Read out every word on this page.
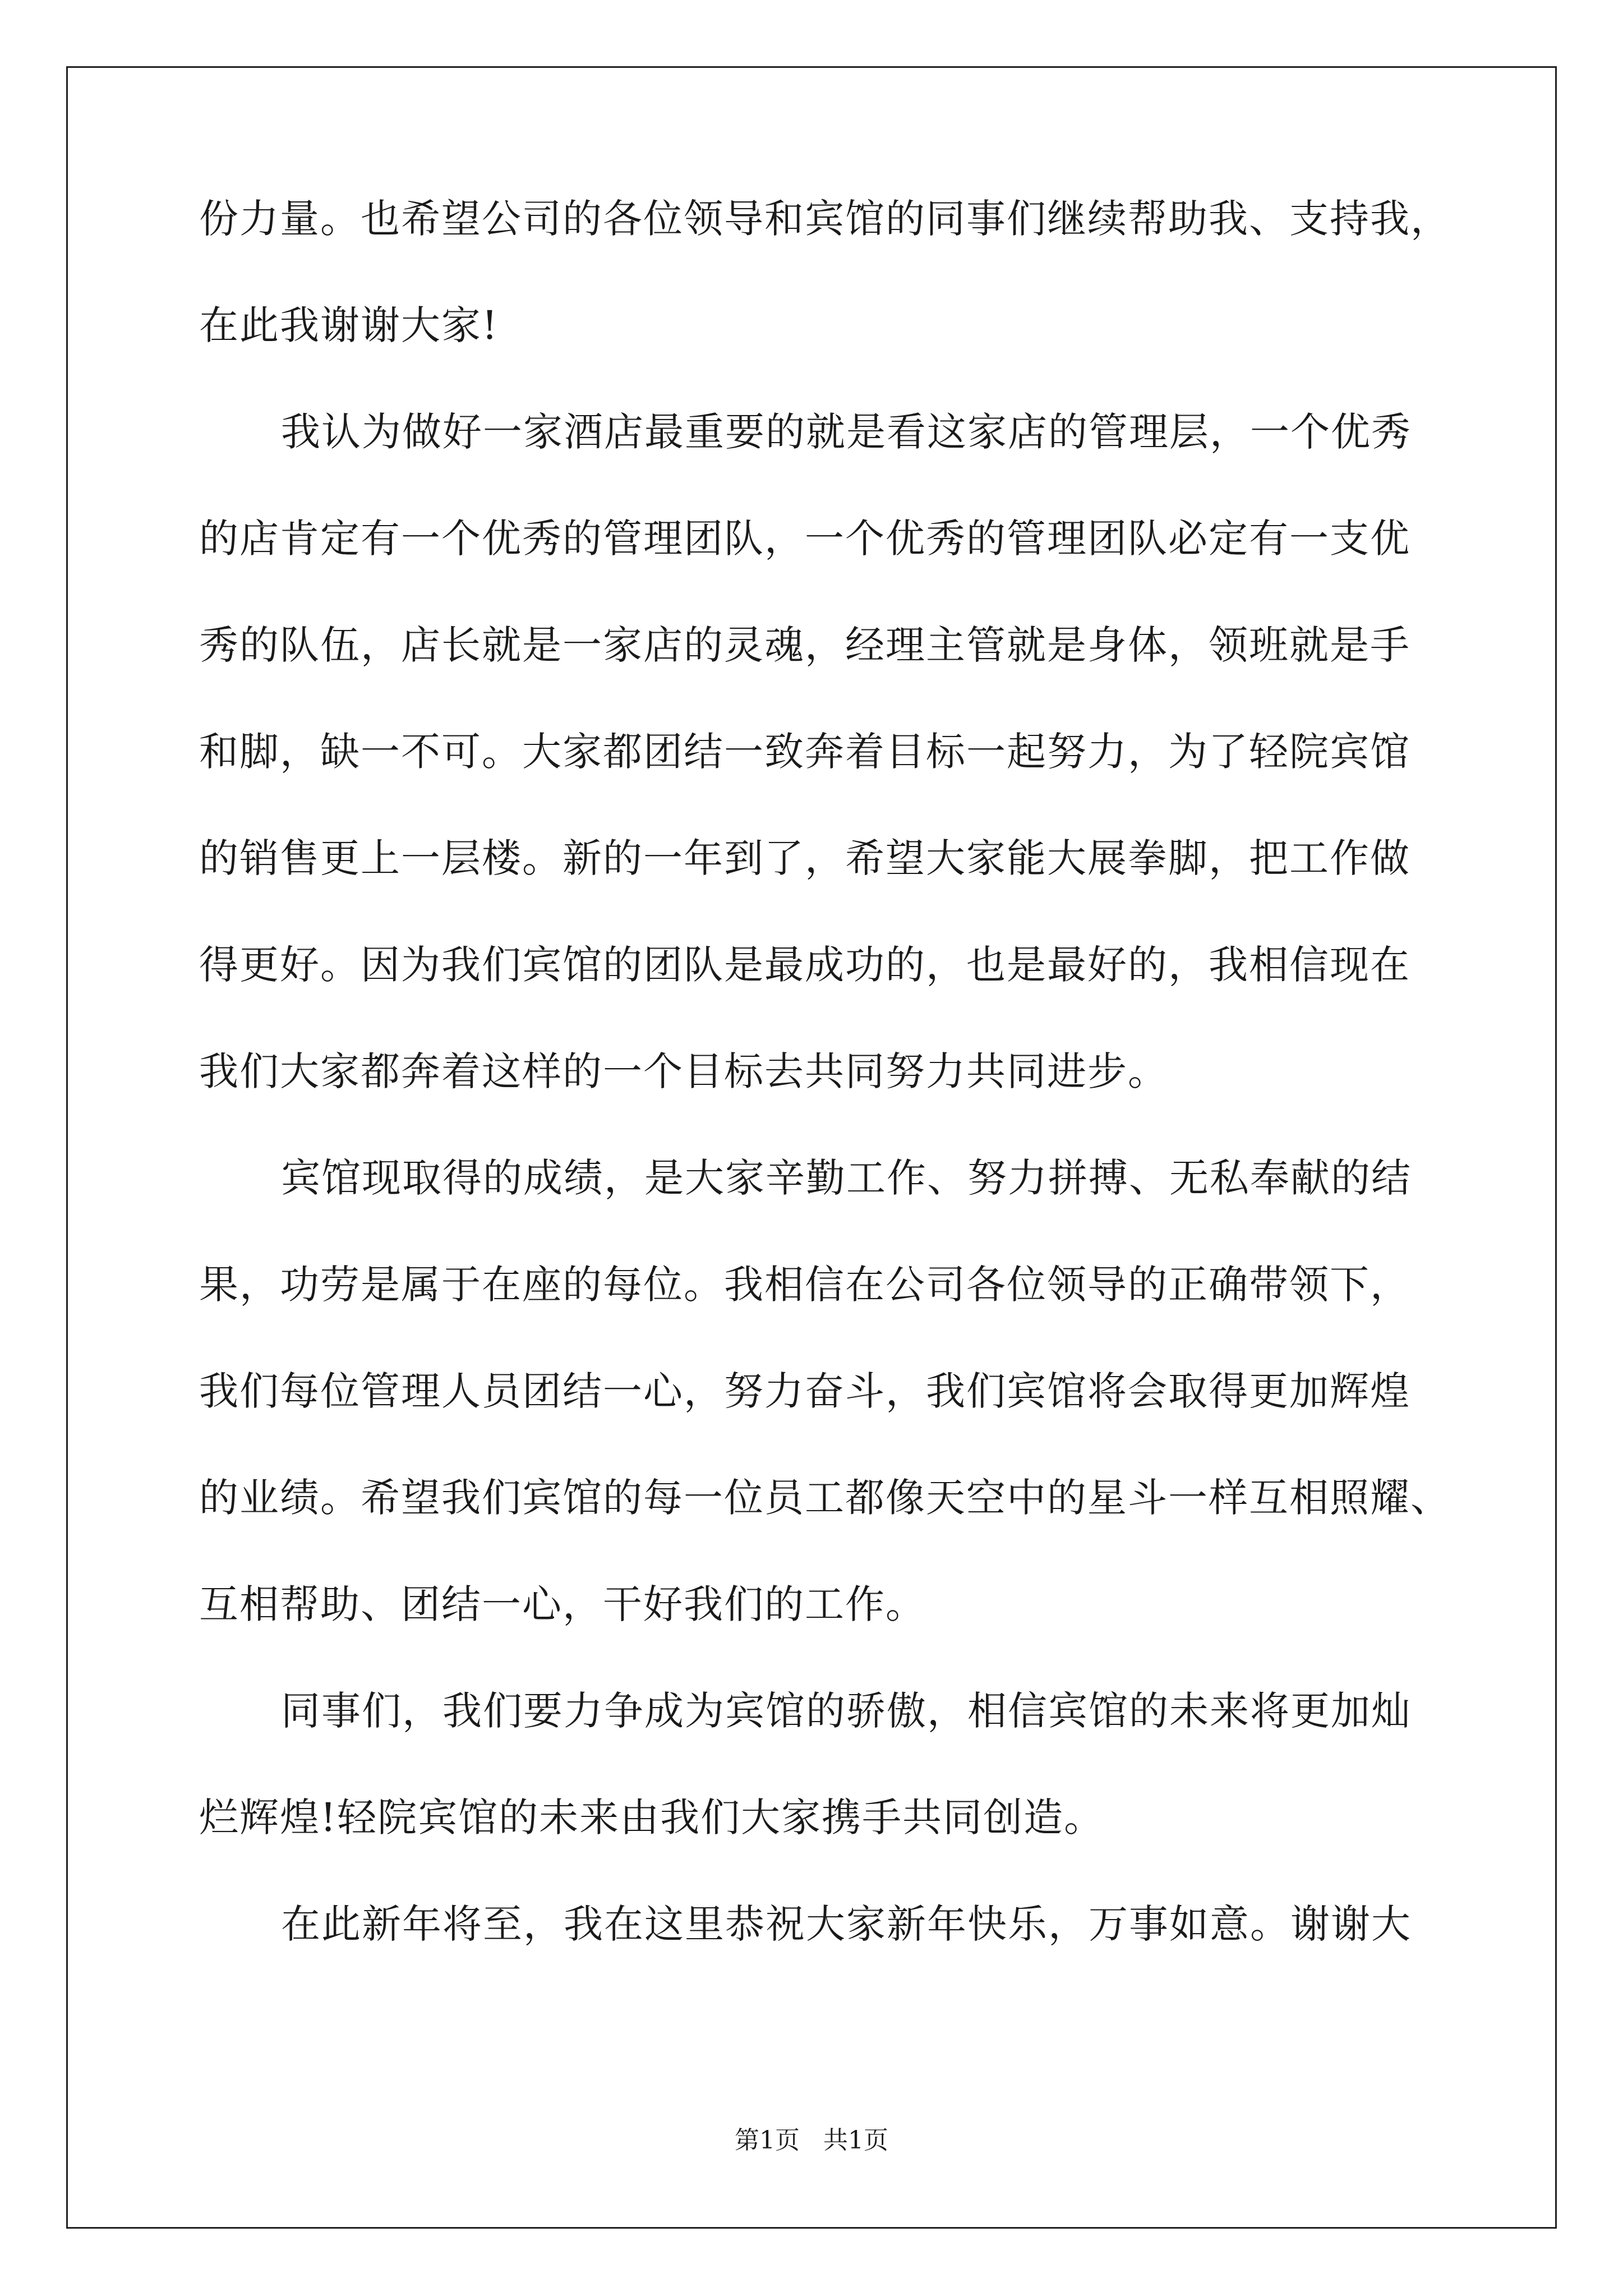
份力量。也希望公司的各位领导和宾馆的同事们继续帮助我、支持我，
在此我谢谢大家!
我认为做好一家酒店最重要的就是看这家店的管理层，一个优秀
的店肯定有一个优秀的管理团队，一个优秀的管理团队必定有一支优
秀的队伍，店长就是一家店的灵魂，经理主管就是身体，领班就是手
和脚，缺一不可。大家都团结一致奔着目标一起努力，为了轻院宾馆
的销售更上一层楼。新的一年到了，希望大家能大展拳脚，把工作做
得更好。因为我们宾馆的团队是最成功的，也是最好的，我相信现在
我们大家都奔着这样的一个目标去共同努力共同进步。
宾馆现取得的成绩，是大家辛勤工作、努力拼搏、无私奉献的结
果，功劳是属于在座的每位。我相信在公司各位领导的正确带领下，
我们每位管理人员团结一心，努力奋斗，我们宾馆将会取得更加辉煌
的业绩。希望我们宾馆的每一位员工都像天空中的星斗一样互相照耀、
互相帮助、团结一心，干好我们的工作。
同事们，我们要力争成为宾馆的骄傲，相信宾馆的未来将更加灿
烂辉煌!轻院宾馆的未来由我们大家携手共同创造。
在此新年将至，我在这里恭祝大家新年快乐，万事如意。谢谢大
第1页   共1页
